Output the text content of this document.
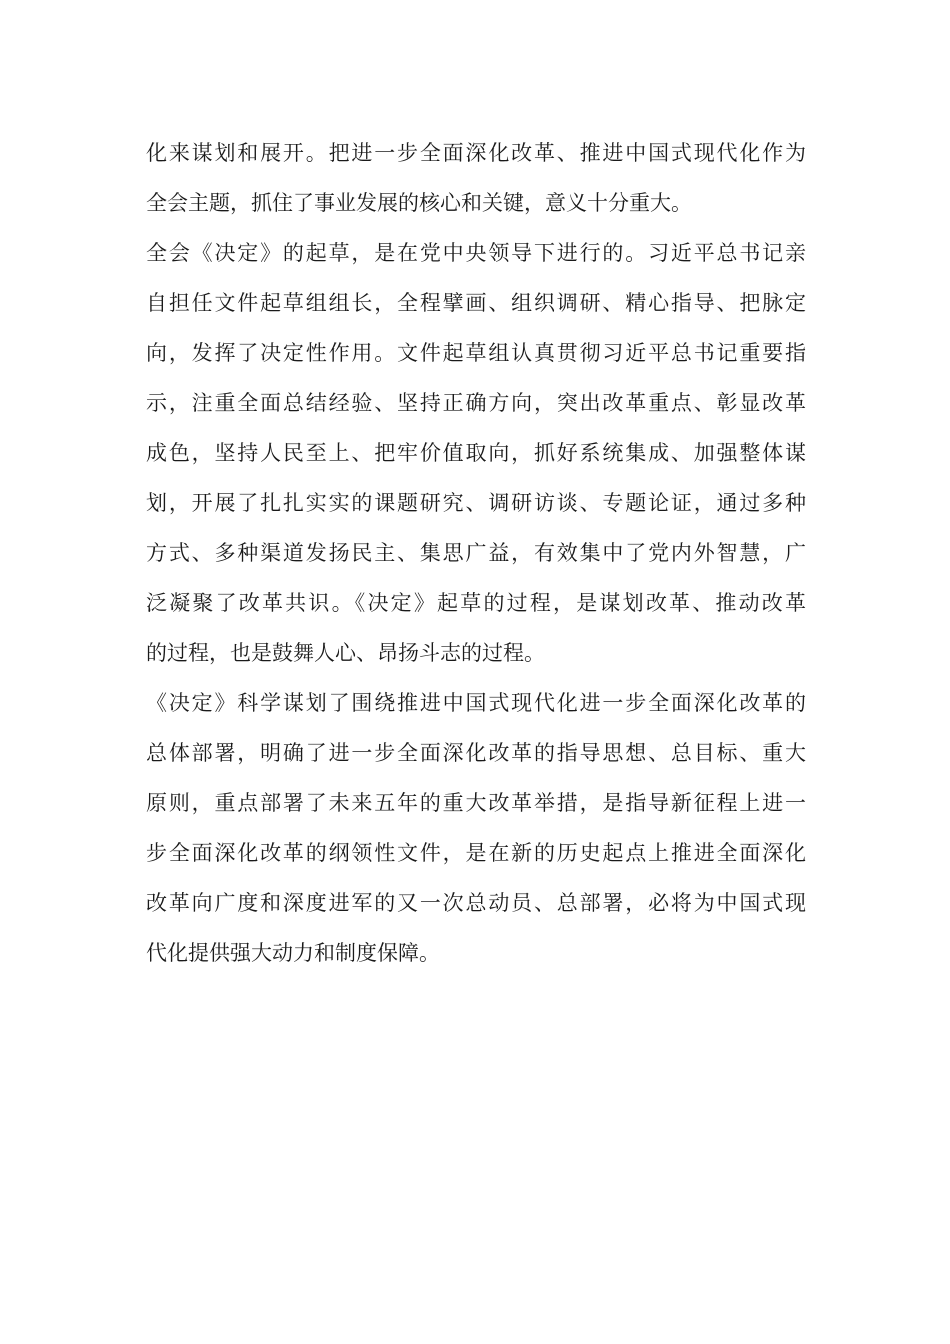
化来谋划和展开。把进一步全面深化改革、推进中国式现代化作为
全会主题，抓住了事业发展的核心和关键，意义十分重大。
全会《决定》的起草，是在党中央领导下进行的。习近平总书记亲
自担任文件起草组组长，全程擘画、组织调研、精心指导、把脉定
向，发挥了决定性作用。文件起草组认真贯彻习近平总书记重要指
示，注重全面总结经验、坚持正确方向，突出改革重点、彰显改革
成色，坚持人民至上、把牢价值取向，抓好系统集成、加强整体谋
划，开展了扎扎实实的课题研究、调研访谈、专题论证，通过多种
方式、多种渠道发扬民主、集思广益，有效集中了党内外智慧，广
泛凝聚了改革共识。《决定》起草的过程，是谋划改革、推动改革
的过程，也是鼓舞人心、昂扬斗志的过程。
《决定》科学谋划了围绕推进中国式现代化进一步全面深化改革的
总体部署，明确了进一步全面深化改革的指导思想、总目标、重大
原则，重点部署了未来五年的重大改革举措，是指导新征程上进一
步全面深化改革的纲领性文件，是在新的历史起点上推进全面深化
改革向广度和深度进军的又一次总动员、总部署，必将为中国式现
代化提供强大动力和制度保障。
